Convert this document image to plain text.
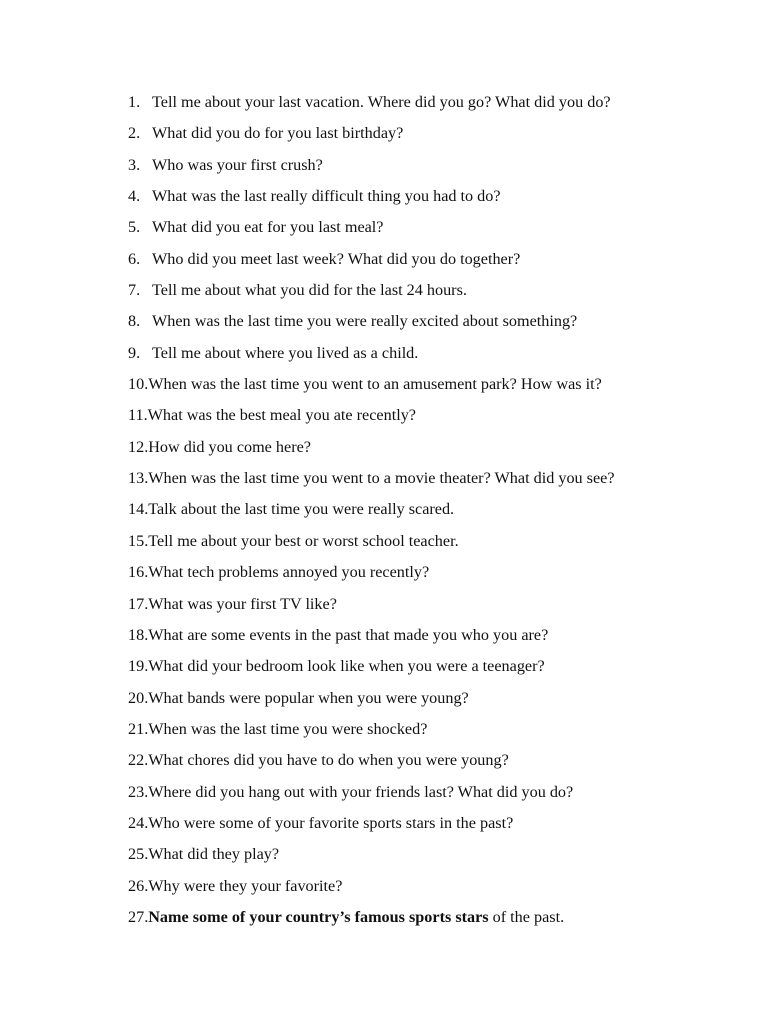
1. Tell me about your last vacation. Where did you go? What did you do?
2. What did you do for you last birthday?
3. Who was your first crush?
4. What was the last really difficult thing you had to do?
5. What did you eat for you last meal?
6. Who did you meet last week? What did you do together?
7. Tell me about what you did for the last 24 hours.
8. When was the last time you were really excited about something?
9. Tell me about where you lived as a child.
10. When was the last time you went to an amusement park? How was it?
11. What was the best meal you ate recently?
12. How did you come here?
13. When was the last time you went to a movie theater? What did you see?
14. Talk about the last time you were really scared.
15. Tell me about your best or worst school teacher.
16. What tech problems annoyed you recently?
17. What was your first TV like?
18. What are some events in the past that made you who you are?
19. What did your bedroom look like when you were a teenager?
20. What bands were popular when you were young?
21. When was the last time you were shocked?
22. What chores did you have to do when you were young?
23. Where did you hang out with your friends last? What did you do?
24. Who were some of your favorite sports stars in the past?
25. What did they play?
26. Why were they your favorite?
27. Name some of your country’s famous sports stars of the past.
